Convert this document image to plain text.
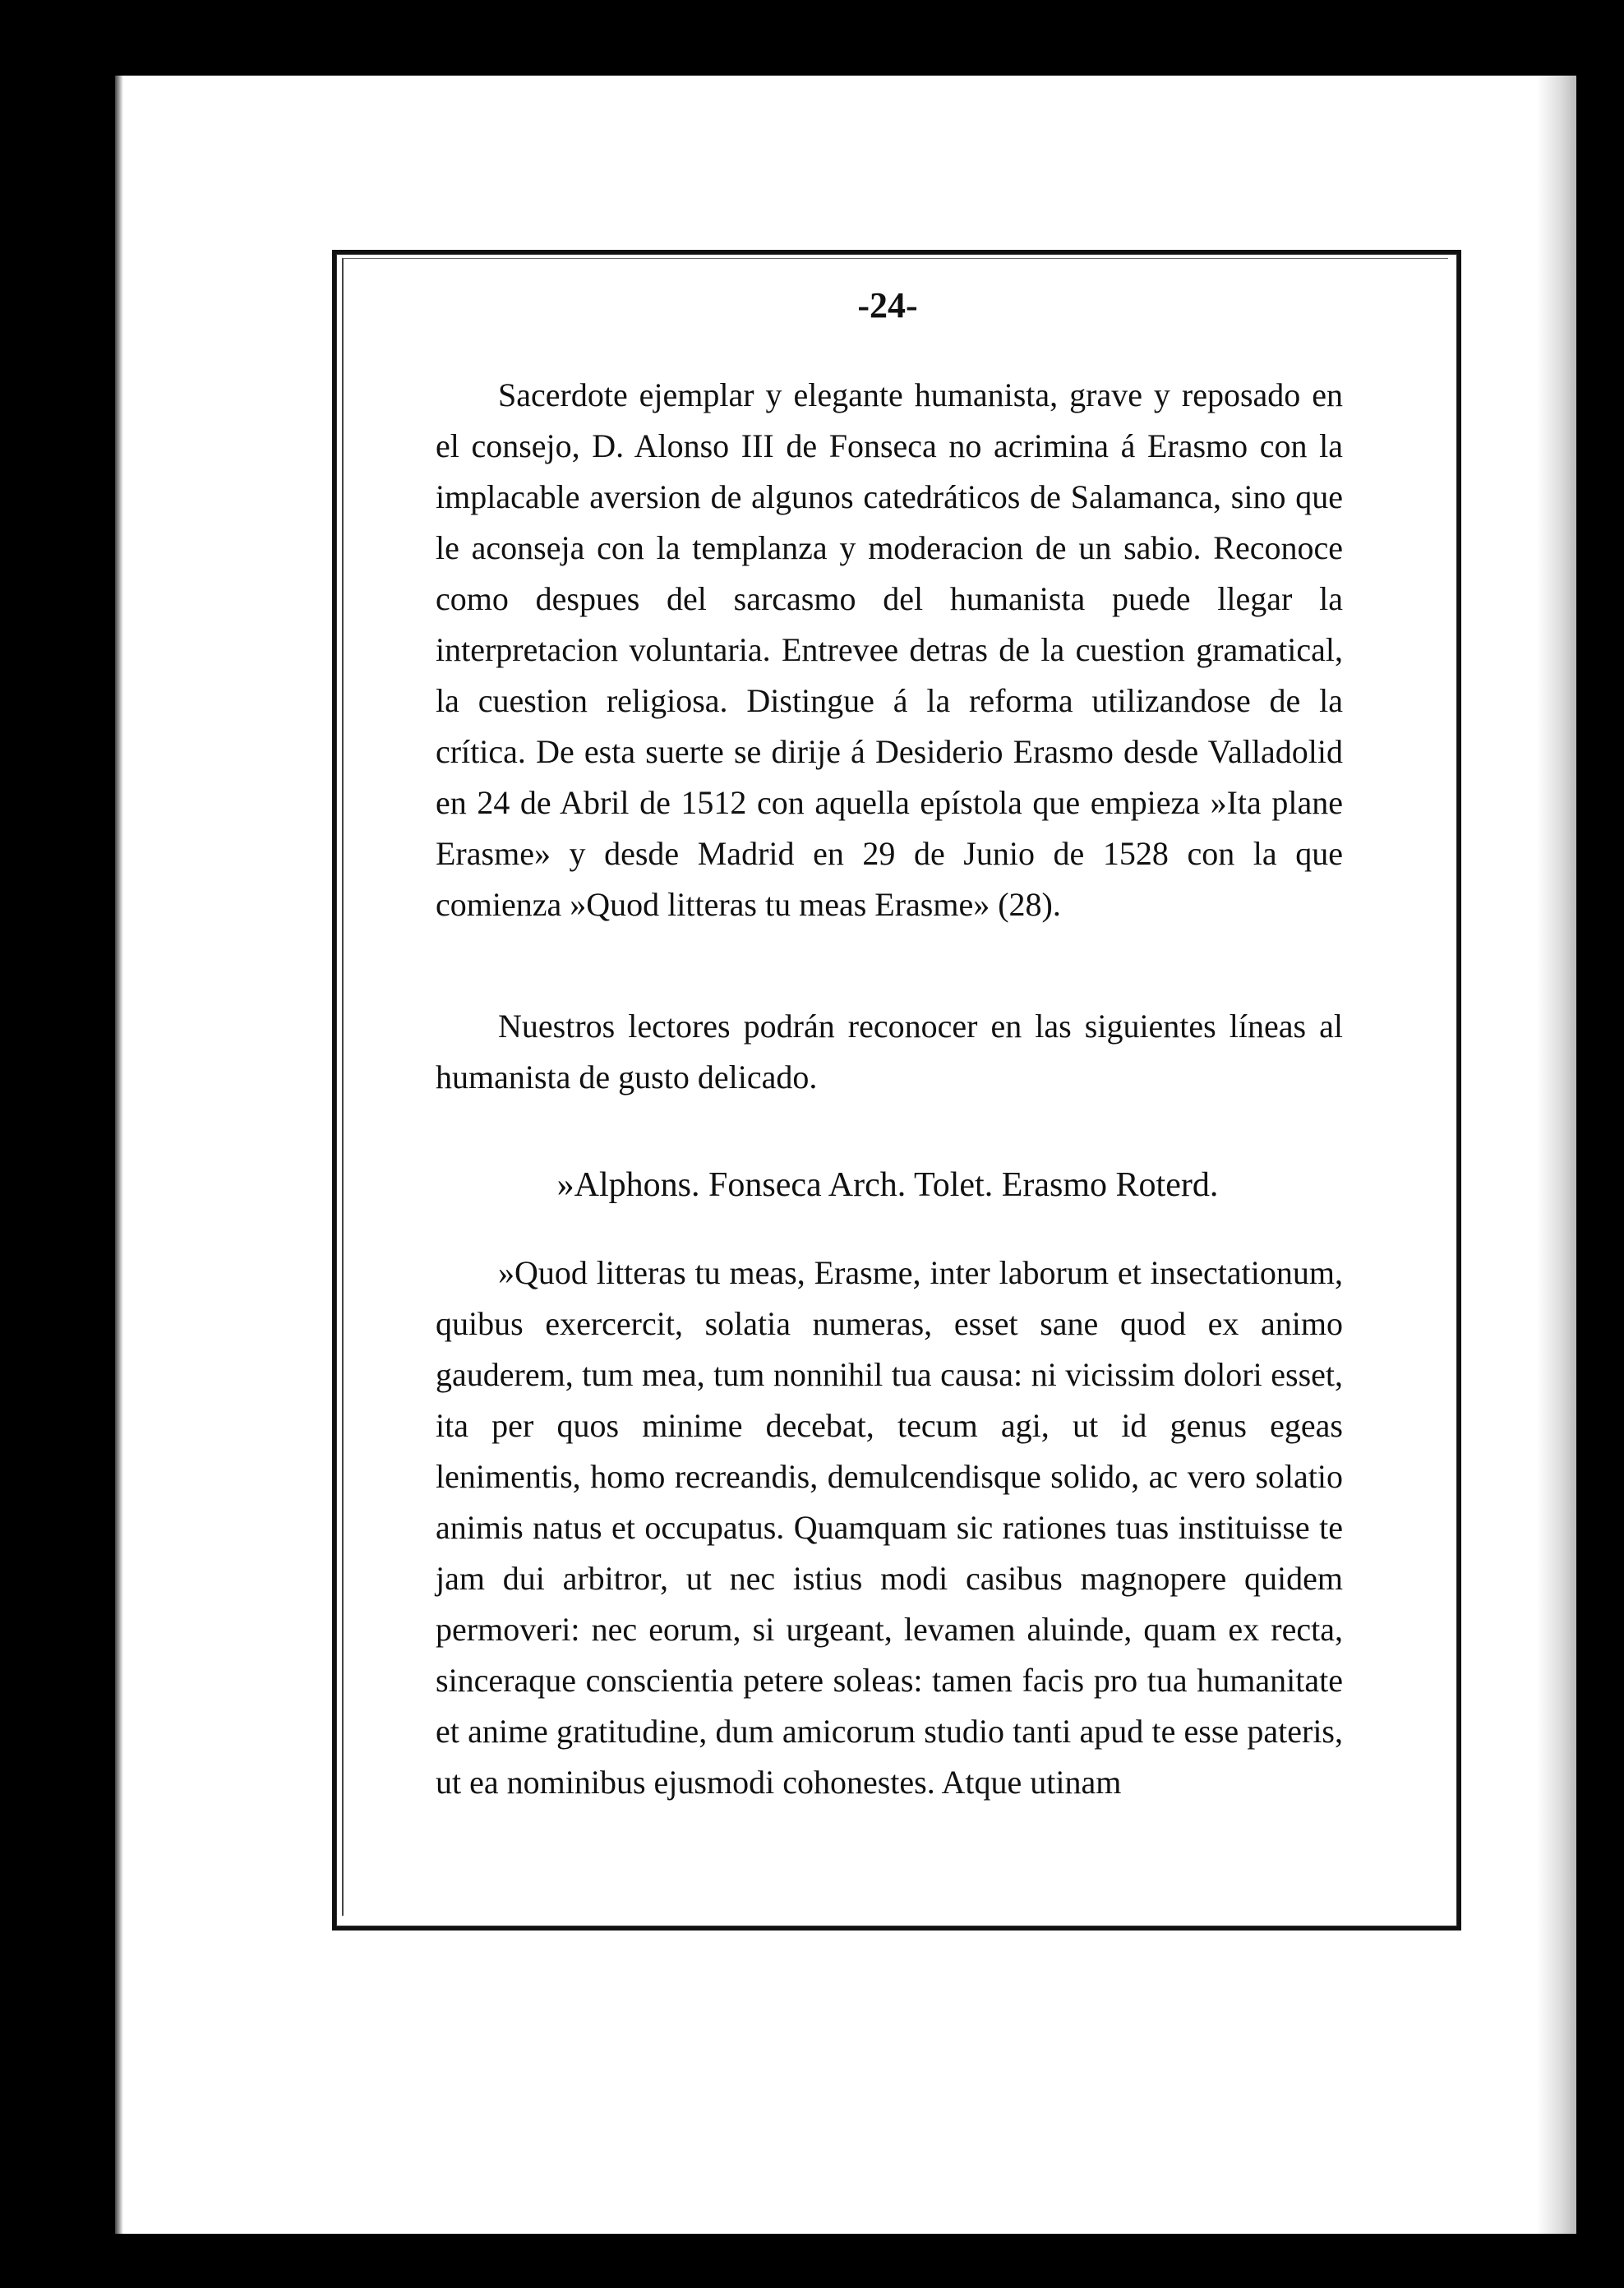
-24-

Sacerdote ejemplar y elegante humanista, grave y reposado en el consejo, D. Alonso III de Fonseca no acrimina á Erasmo con la implacable aversion de algunos catedráticos de Salamanca, sino que le aconseja con la templanza y moderacion de un sabio. Reconoce como despues del sarcasmo del humanista puede llegar la interpretacion voluntaria. Entrevee detras de la cuestion gramatical, la cuestion religiosa. Distingue á la reforma utilizandose de la crítica. De esta suerte se dirije á Desiderio Erasmo desde Valladolid en 24 de Abril de 1512 con aquella epístola que empieza »Ita plane Erasme» y desde Madrid en 29 de Junio de 1528 con la que comienza »Quod litteras tu meas Erasme» (28).

Nuestros lectores podrán reconocer en las siguientes líneas al humanista de gusto delicado.

»Alphons. Fonseca Arch. Tolet. Erasmo Roterd.

»Quod litteras tu meas, Erasme, inter laborum et insectationum, quibus exercercit, solatia numeras, esset sane quod ex animo gauderem, tum mea, tum nonnihil tua causa: ni vicissim dolori esset, ita per quos minime decebat, tecum agi, ut id genus egeas lenimentis, homo recreandis, demulcendisque solido, ac vero solatio animis natus et occupatus. Quamquam sic rationes tuas instituisse te jam dui arbitror, ut nec istius modi casibus magnopere quidem permoveri: nec eorum, si urgeant, levamen aluinde, quam ex recta, sinceraque conscientia petere soleas: tamen facis pro tua humanitate et anime gratitudine, dum amicorum studio tanti apud te esse pateris, ut ea nominibus ejusmodi cohonestes. Atque utinam
